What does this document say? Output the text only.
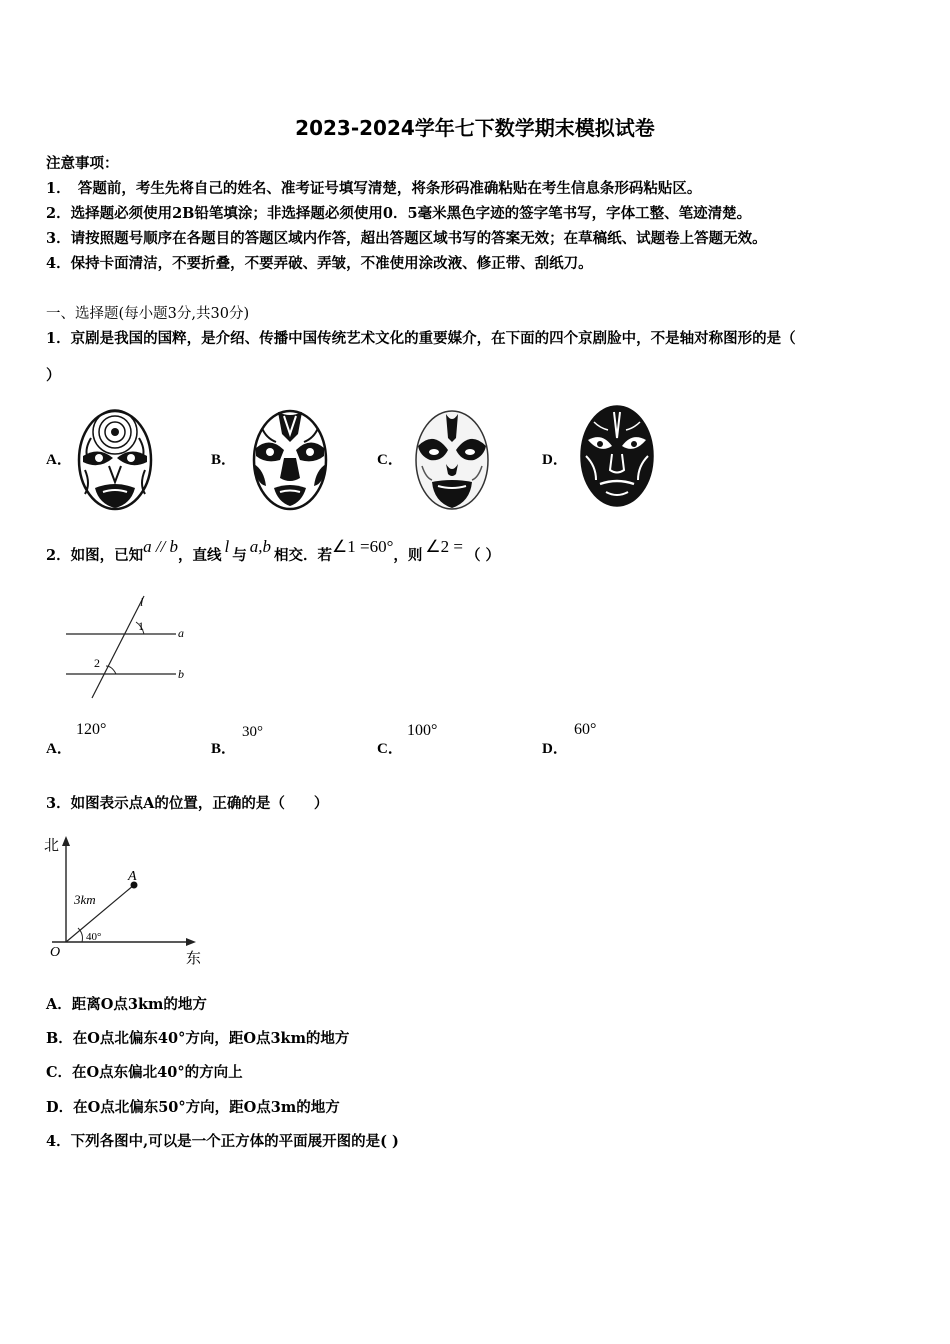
2023-2024学年七下数学期末模拟试卷
注意事项：
1．　答题前，考生先将自己的姓名、准考证号填写清楚，将条形码准确粘贴在考生信息条形码粘贴区。
2．选择题必须使用2B铅笔填涂；非选择题必须使用0．5毫米黑色字迹的签字笔书写，字体工整、笔迹清楚。
3．请按照题号顺序在各题目的答题区域内作答，超出答题区域书写的答案无效；在草稿纸、试题卷上答题无效。
4．保持卡面清洁，不要折叠，不要弄破、弄皱，不准使用涂改液、修正带、刮纸刀。
一、选择题(每小题3分,共30分)
1．京剧是我国的国粹，是介绍、传播中国传统艺术文化的重要媒介，在下面的四个京剧脸中，不是轴对称图形的是（
）
A．	B．	C．	D．
2．如图，已知a // b，直线 l 与 a,b 相交．若∠1 =60°，则 ∠2 = （ ）
l
1	a
2
b
A．
120°
B．
30°
C．
100°
D．
60°
3．如图表示点A的位置，正确的是（　　）
北
东
O
A
3km
40°
A．距离O点3km的地方
B．在O点北偏东40°方向，距O点3km的地方
C．在O点东偏北40°的方向上
D．在O点北偏东50°方向，距O点3m的地方
4．下列各图中,可以是一个正方体的平面展开图的是( )
